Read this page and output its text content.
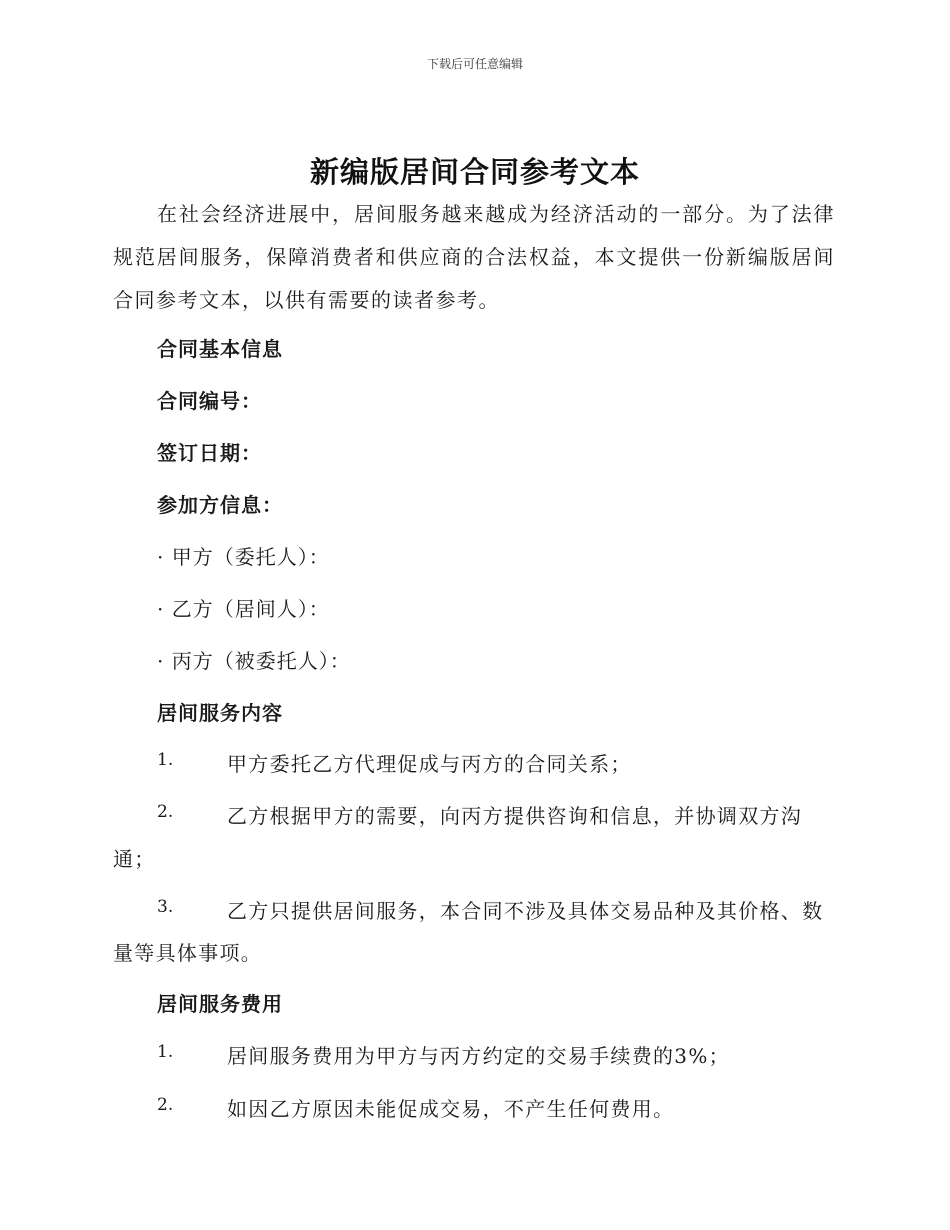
下载后可任意编辑
新编版居间合同参考文本

在社会经济进展中，居间服务越来越成为经济活动的一部分。为了法律规范居间服务，保障消费者和供应商的合法权益，本文提供一份新编版居间合同参考文本，以供有需要的读者参考。

合同基本信息
合同编号：
签订日期：
参加方信息：
· 甲方（委托人）：
· 乙方（居间人）：
· 丙方（被委托人）：
居间服务内容
1.	甲方委托乙方代理促成与丙方的合同关系；
2.	乙方根据甲方的需要，向丙方提供咨询和信息，并协调双方沟
通；
3.	乙方只提供居间服务，本合同不涉及具体交易品种及其价格、数
量等具体事项。
居间服务费用
1.	居间服务费用为甲方与丙方约定的交易手续费的3%；
2.	如因乙方原因未能促成交易，不产生任何费用。
